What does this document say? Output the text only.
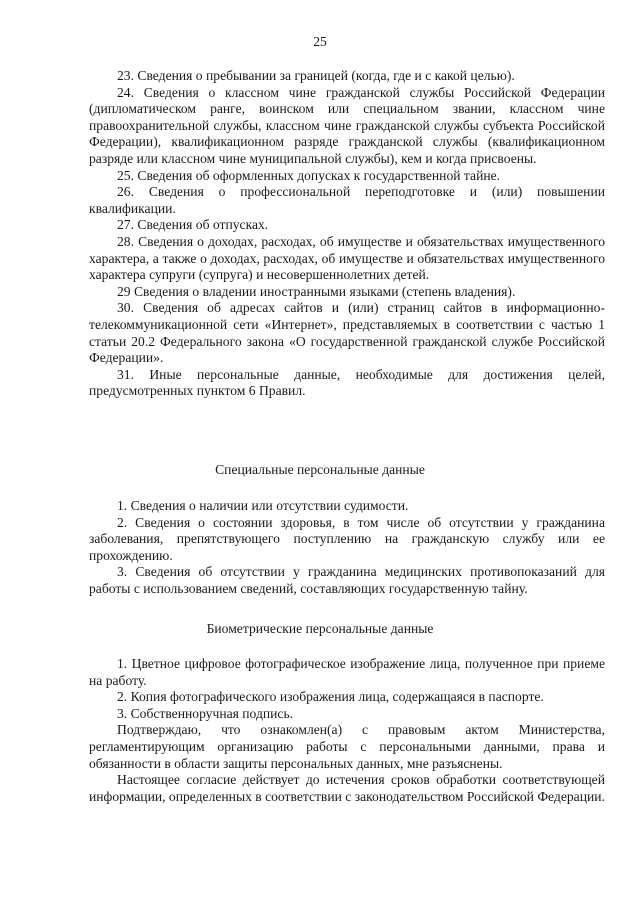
25

23. Сведения о пребывании за границей (когда, где и с какой целью).

24. Сведения о классном чине гражданской службы Российской Федерации (дипломатическом ранге, воинском или специальном звании, классном чине правоохранительной службы, классном чине гражданской службы субъекта Российской Федерации), квалификационном разряде гражданской службы (квалификационном разряде или классном чине муниципальной службы), кем и когда присвоены.

25. Сведения об оформленных допусках к государственной тайне.

26. Сведения о профессиональной переподготовке и (или) повышении квалификации.

27. Сведения об отпусках.

28. Сведения о доходах, расходах, об имуществе и обязательствах имущественного характера, а также о доходах, расходах, об имуществе и обязательствах имущественного характера супруги (супруга) и несовершеннолетних детей.

29 Сведения о владении иностранными языками (степень владения).

30. Сведения об адресах сайтов и (или) страниц сайтов в информационно-телекоммуникационной сети «Интернет», представляемых в соответствии с частью 1 статьи 20.2 Федерального закона «О государственной гражданской службе Российской Федерации».

31. Иные персональные данные, необходимые для достижения целей, предусмотренных пунктом 6 Правил.

Специальные персональные данные

1. Сведения о наличии или отсутствии судимости.

2. Сведения о состоянии здоровья, в том числе об отсутствии у гражданина заболевания, препятствующего поступлению на гражданскую службу или ее прохождению.

3. Сведения об отсутствии у гражданина медицинских противопоказаний для работы с использованием сведений, составляющих государственную тайну.

Биометрические персональные данные

1. Цветное цифровое фотографическое изображение лица, полученное при приеме на работу.

2. Копия фотографического изображения лица, содержащаяся в паспорте.

3. Собственноручная подпись.

Подтверждаю, что ознакомлен(а) с правовым актом Министерства, регламентирующим организацию работы с персональными данными, права и обязанности в области защиты персональных данных, мне разъяснены.

Настоящее согласие действует до истечения сроков обработки соответствующей информации, определенных в соответствии с законодательством Российской Федерации.
